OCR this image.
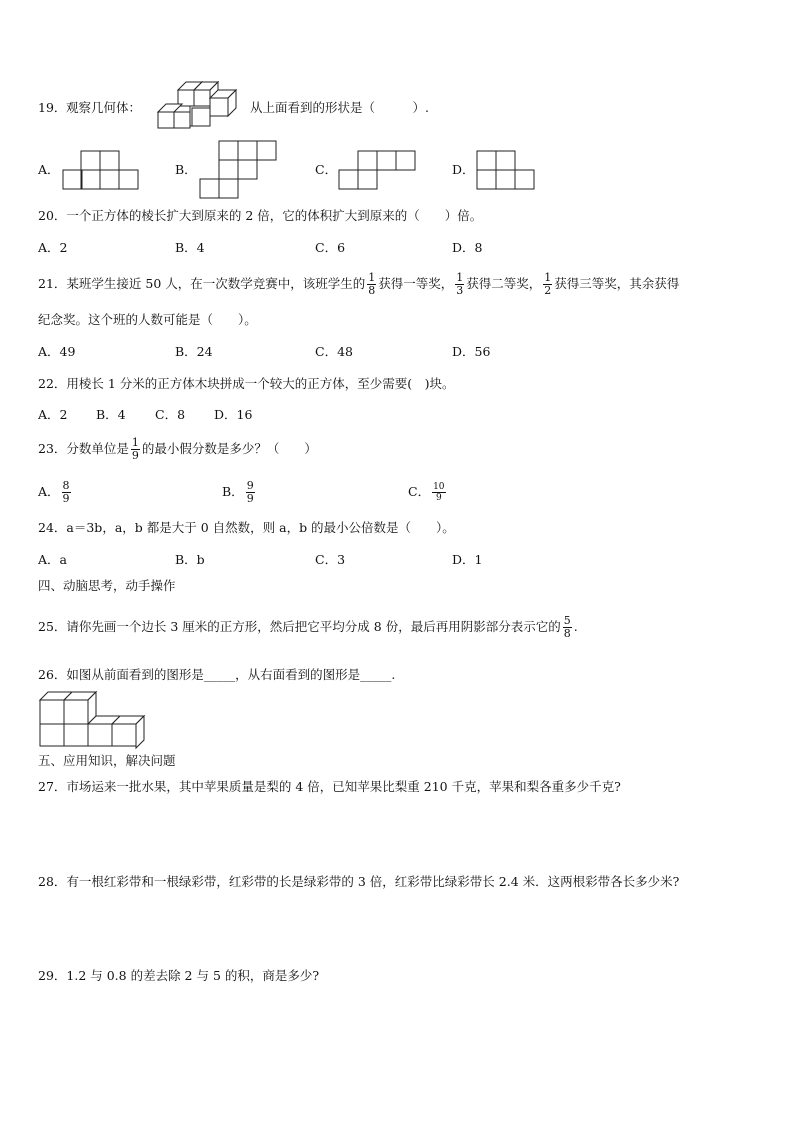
19． 观察几何体：	从上面看到的形状是（　　　）.
A．	B．	C．	D．
20．一个正方体的棱长扩大到原来的 2 倍，它的体积扩大到原来的（　　）倍。
A．2	B．4	C．6	D．8
21．某班学生接近 50 人，在一次数学竞赛中，该班学生的 $\frac{1}{8}$ 获得一等奖， $\frac{1}{3}$ 获得二等奖， $\frac{1}{2}$ 获得三等奖，其余获得
纪念奖。这个班的人数可能是（　　）。
A．49	B．24	C．48	D．56
22．用棱长 1 分米的正方体木块拼成一个较大的正方体，至少需要(　)块。
A．2 B．4 C．8 D．16
23．分数单位是 $\frac{1}{9}$ 的最小假分数是多少？（　　）
A． $\frac{8}{9}$	B． $\frac{9}{9}$	C． $\frac{10}{9}$
24．a＝3b，a，b 都是大于 0 自然数，则 a，b 的最小公倍数是（　　）。
A．a	B．b	C．3	D．1
四、动脑思考，动手操作
25．请你先画一个边长 3 厘米的正方形，然后把它平均分成 8 份，最后再用阴影部分表示它的 $\frac{5}{8}$ .
26．如图从前面看到的图形是_____，从右面看到的图形是_____.
五、应用知识，解决问题
27．市场运来一批水果，其中苹果质量是梨的 4 倍，已知苹果比梨重 210 千克，苹果和梨各重多少千克?
28．有一根红彩带和一根绿彩带，红彩带的长是绿彩带的 3 倍，红彩带比绿彩带长 2.4 米．这两根彩带各长多少米?
29．1.2 与 0.8 的差去除 2 与 5 的积，商是多少?
